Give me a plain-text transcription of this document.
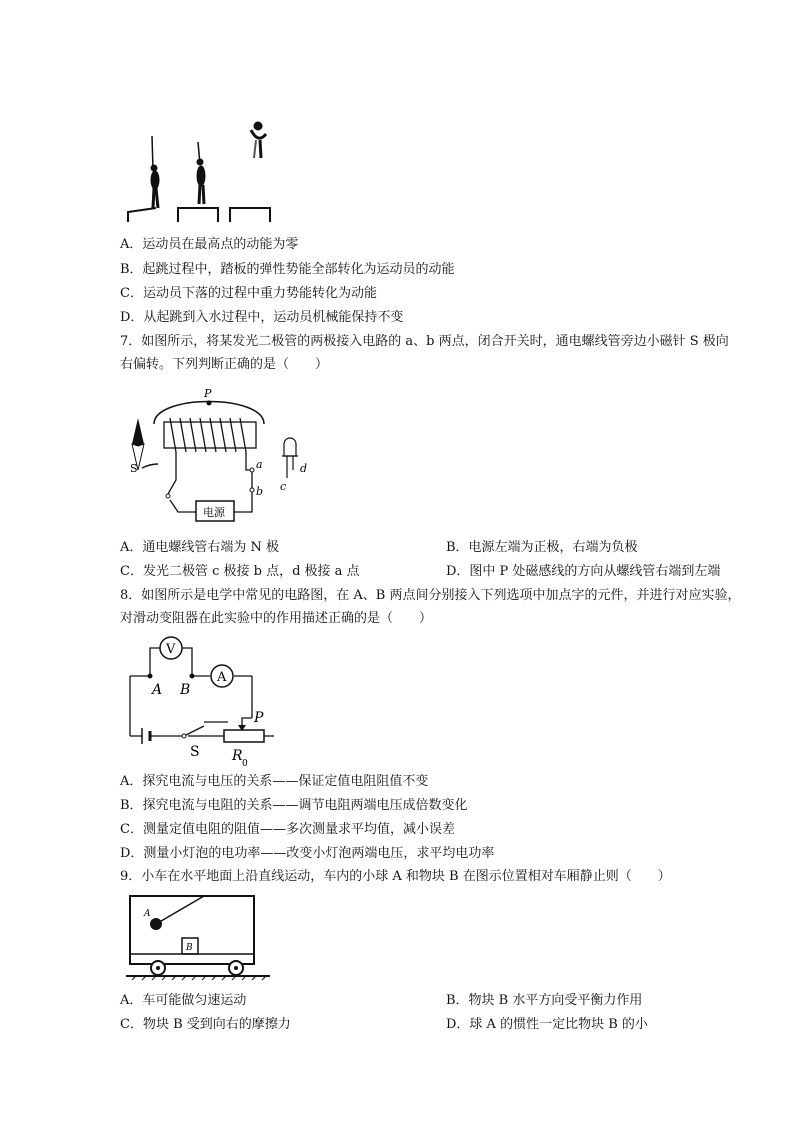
A．运动员在最高点的动能为零
B．起跳过程中，踏板的弹性势能全部转化为运动员的动能
C．运动员下落的过程中重力势能转化为动能
D．从起跳到入水过程中，运动员机械能保持不变
7．如图所示，将某发光二极管的两极接入电路的 a、b 两点，闭合开关时，通电螺线管旁边小磁针 S 极向
右偏转。下列判断正确的是（　　）
P
S	a
b
电源
d
c
A．通电螺线管右端为 N 极	B．电源左端为正极，右端为负极
C．发光二极管 c 极接 b 点，d 极接 a 点	D．图中 P 处磁感线的方向从螺线管右端到左端
8．如图所示是电学中常见的电路图，在 A、B 两点间分别接入下列选项中加点字的元件，并进行对应实验，
对滑动变阻器在此实验中的作用描述正确的是（　　）
V
A
A B
S
P
R 0
A．探究电流与电压的关系——保证定值电阻阻值不变
B．探究电流与电阻的关系——调节电阻两端电压成倍数变化
C．测量定值电阻的阻值——多次测量求平均值，减小误差
D．测量小灯泡的电功率——改变小灯泡两端电压，求平均电功率
9．小车在水平地面上沿直线运动，车内的小球 A 和物块 B 在图示位置相对车厢静止则（　　）
A
B
A．车可能做匀速运动	B．物块 B 水平方向受平衡力作用
C．物块 B 受到向右的摩擦力	D．球 A 的惯性一定比物块 B 的小
